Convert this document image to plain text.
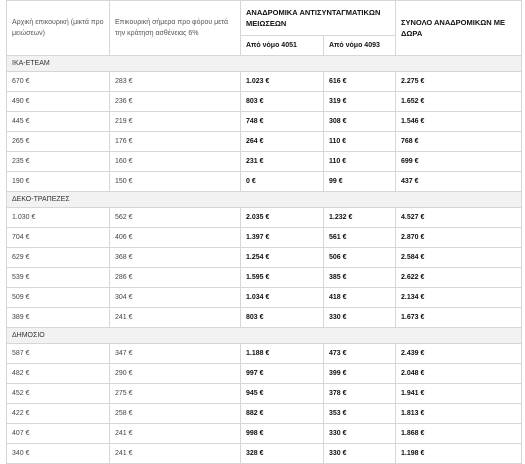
Αρχική επικουρική (μικτά προ μειώσεων)	Επικουρική σήμερα προ φόρου μετά την κράτηση ασθένειας 6%	ΑΝΑΔΡΟΜΙΚΑ ΑΝΤΙΣΥΝΤΑΓΜΑΤΙΚΩΝ ΜΕΙΩΣΕΩΝ		ΣΥΝΟΛΟ ΑΝΑΔΡΟΜΙΚΩΝ ΜΕ ΔΩΡΑ
		Από νόμο 4051	Από νόμο 4093	
ΙΚΑ-ΕΤΕΑΜ				
670 €	283 €	1.023 €	616 €	2.275 €
490 €	236 €	803 €	319 €	1.652 €
445 €	219 €	748 €	308 €	1.546 €
265 €	176 €	264 €	110 €	768 €
235 €	160 €	231 €	110 €	699 €
190 €	150 €	0 €	99 €	437 €
ΔΕΚΟ-ΤΡΑΠΕΖΕΣ				
1.030 €	562 €	2.035 €	1.232 €	4.527 €
704 €	406 €	1.397 €	561 €	2.870 €
629 €	368 €	1.254 €	506 €	2.584 €
539 €	286 €	1.595 €	385 €	2.622 €
509 €	304 €	1.034 €	418 €	2.134 €
389 €	241 €	803 €	330 €	1.673 €
ΔΗΜΟΣΙΟ				
587 €	347 €	1.188 €	473 €	2.439 €
482 €	290 €	997 €	399 €	2.048 €
452 €	275 €	945 €	378 €	1.941 €
422 €	258 €	882 €	353 €	1.813 €
407 €	241 €	998 €	330 €	1.868 €
340 €	241 €	328 €	330 €	1.198 €
